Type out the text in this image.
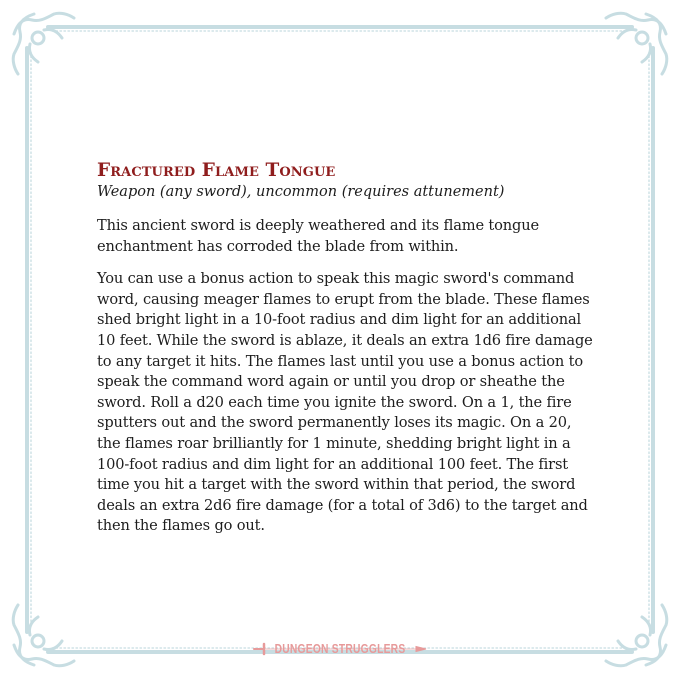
Fractured Flame Tongue
Weapon (any sword), uncommon (requires attunement)

This ancient sword is deeply weathered and its flame tongue enchantment has corroded the blade from within.

You can use a bonus action to speak this magic sword's command word, causing meager flames to erupt from the blade. These flames shed bright light in a 10-foot radius and dim light for an additional 10 feet. While the sword is ablaze, it deals an extra 1d6 fire damage to any target it hits. The flames last until you use a bonus action to speak the command word again or until you drop or sheathe the sword. Roll a d20 each time you ignite the sword. On a 1, the fire sputters out and the sword permanently loses its magic. On a 20, the flames roar brilliantly for 1 minute, shedding bright light in a 100-foot radius and dim light for an additional 100 feet. The first time you hit a target with the sword within that period, the sword deals an extra 2d6 fire damage (for a total of 3d6) to the target and then the flames go out.

DUNGEON STRUGGLERS
